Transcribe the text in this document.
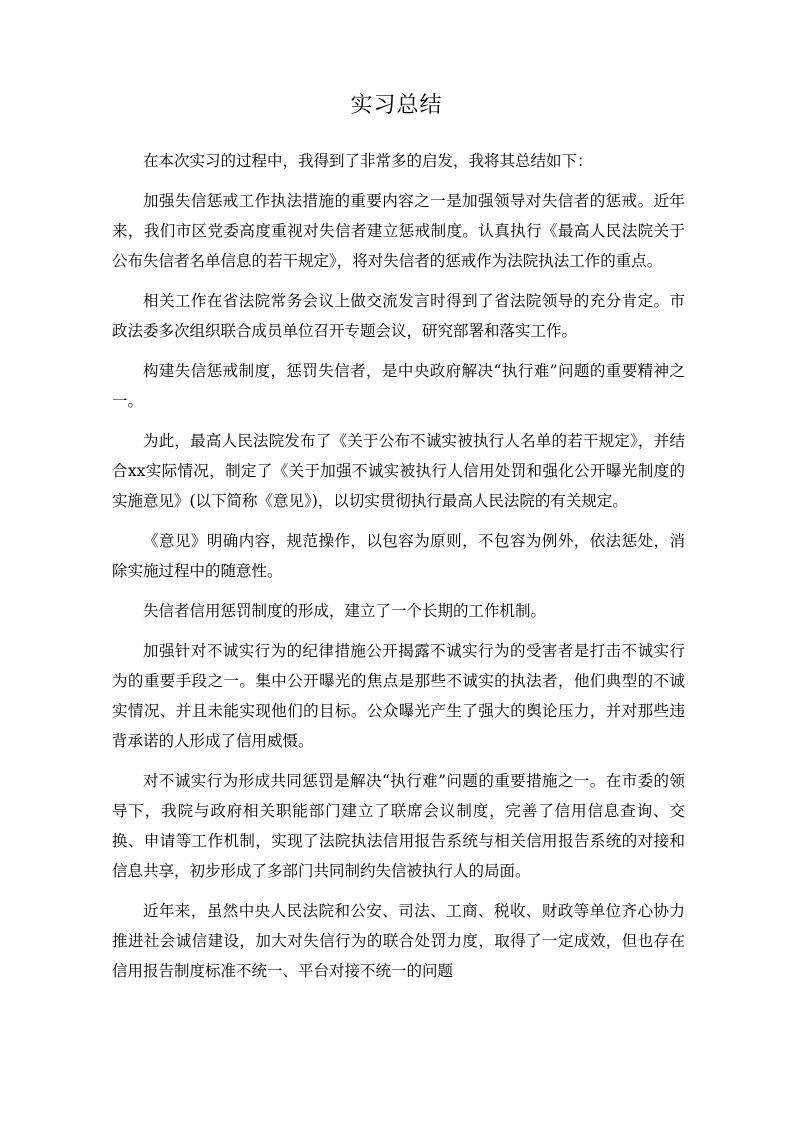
实习总结

在本次实习的过程中，我得到了非常多的启发，我将其总结如下：

加强失信惩戒工作执法措施的重要内容之一是加强领导对失信者的惩戒。近年来，我们市区党委高度重视对失信者建立惩戒制度。认真执行《最高人民法院关于公布失信者名单信息的若干规定》，将对失信者的惩戒作为法院执法工作的重点。

相关工作在省法院常务会议上做交流发言时得到了省法院领导的充分肯定。市政法委多次组织联合成员单位召开专题会议，研究部署和落实工作。

构建失信惩戒制度，惩罚失信者，是中央政府解决“执行难”问题的重要精神之一。

为此，最高人民法院发布了《关于公布不诚实被执行人名单的若干规定》，并结合xx实际情况，制定了《关于加强不诚实被执行人信用处罚和强化公开曝光制度的实施意见》(以下简称《意见》)，以切实贯彻执行最高人民法院的有关规定。

《意见》明确内容，规范操作，以包容为原则，不包容为例外，依法惩处，消除实施过程中的随意性。

失信者信用惩罚制度的形成，建立了一个长期的工作机制。

加强针对不诚实行为的纪律措施公开揭露不诚实行为的受害者是打击不诚实行为的重要手段之一。集中公开曝光的焦点是那些不诚实的执法者，他们典型的不诚实情况、并且未能实现他们的目标。公众曝光产生了强大的舆论压力，并对那些违背承诺的人形成了信用威慑。

对不诚实行为形成共同惩罚是解决“执行难”问题的重要措施之一。在市委的领导下，我院与政府相关职能部门建立了联席会议制度，完善了信用信息查询、交换、申请等工作机制，实现了法院执法信用报告系统与相关信用报告系统的对接和信息共享，初步形成了多部门共同制约失信被执行人的局面。

近年来，虽然中央人民法院和公安、司法、工商、税收、财政等单位齐心协力推进社会诚信建设，加大对失信行为的联合处罚力度，取得了一定成效，但也存在信用报告制度标准不统一、平台对接不统一的问题
